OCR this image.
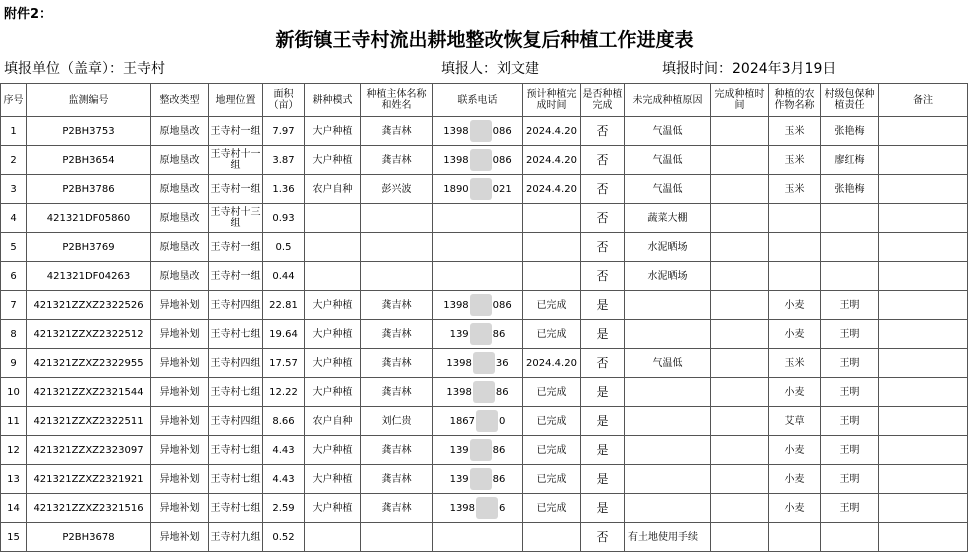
附件2：
新街镇王寺村流出耕地整改恢复后种植工作进度表
填报单位（盖章）：王寺村	填报人：刘文建	填报时间：2024年3月19日
序号	监测编号	整改类型	地理位置	面积（亩）	耕种模式	种植主体名称和姓名	联系电话	预计种植完成时间	是否种植完成	未完成种植原因	完成种植时间	种植的农作物名称	村级包保种植责任	备注
1	P2BH3753	原地垦改	王寺村一组	7.97	大户种植	龚吉林	1398 086	2024.4.20	否	气温低		玉米	张艳梅	
2	P2BH3654	原地垦改	王寺村十一组	3.87	大户种植	龚吉林	1398 086	2024.4.20	否	气温低		玉米	廖红梅	
3	P2BH3786	原地垦改	王寺村一组	1.36	农户自种	彭兴波	1890 021	2024.4.20	否	气温低		玉米	张艳梅	
4	421321DF05860	原地垦改	王寺村十三组	0.93					否	蔬菜大棚				
5	P2BH3769	原地垦改	王寺村一组	0.5					否	水泥晒场				
6	421321DF04263	原地垦改	王寺村一组	0.44					否	水泥晒场				
7	421321ZZXZ2322526	异地补划	王寺村四组	22.81	大户种植	龚吉林	1398 086	已完成	是			小麦	王明	
8	421321ZZXZ2322512	异地补划	王寺村七组	19.64	大户种植	龚吉林	139 86	已完成	是			小麦	王明	
9	421321ZZXZ2322955	异地补划	王寺村四组	17.57	大户种植	龚吉林	1398 36	2024.4.20	否	气温低		玉米	王明	
10	421321ZZXZ2321544	异地补划	王寺村七组	12.22	大户种植	龚吉林	1398 86	已完成	是			小麦	王明	
11	421321ZZXZ2322511	异地补划	王寺村四组	8.66	农户自种	刘仁贵	1867 0	已完成	是			艾草	王明	
12	421321ZZXZ2323097	异地补划	王寺村七组	4.43	大户种植	龚吉林	139 86	已完成	是			小麦	王明	
13	421321ZZXZ2321921	异地补划	王寺村七组	4.43	大户种植	龚吉林	139 86	已完成	是			小麦	王明	
14	421321ZZXZ2321516	异地补划	王寺村七组	2.59	大户种植	龚吉林	1398 6	已完成	是			小麦	王明	
15	P2BH3678	异地补划	王寺村九组	0.52					否	有土地使用手续				
